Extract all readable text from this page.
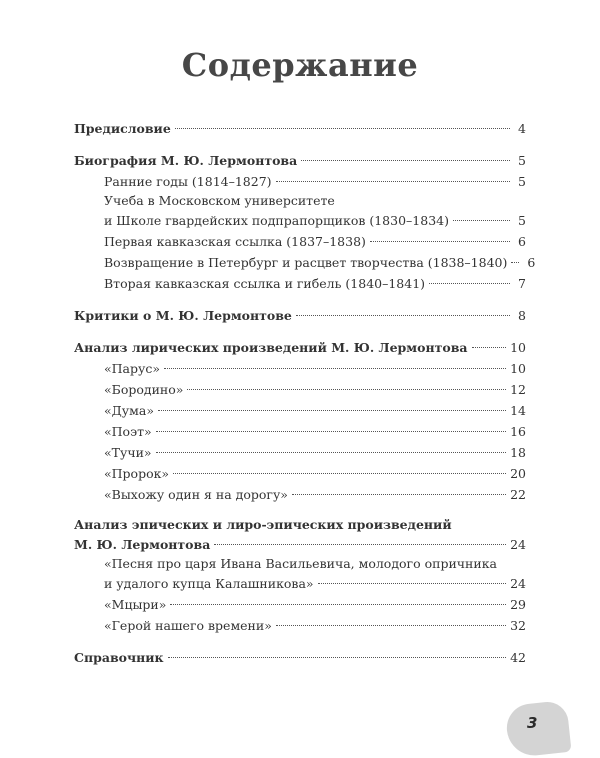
Содержание
Предисловие	4
Биография М. Ю. Лермонтова	5
Ранние годы (1814–1827)	5
Учеба в Московском университете
и Школе гвардейских подпрапорщиков (1830–1834)	5
Первая кавказская ссылка (1837–1838)	6
Возвращение в Петербург и расцвет творчества (1838–1840)	6
Вторая кавказская ссылка и гибель (1840–1841)	7
Критики о М. Ю. Лермонтове	8
Анализ лирических произведений М. Ю. Лермонтова	10
«Парус»	10
«Бородино»	12
«Дума»	14
«Поэт»	16
«Тучи»	18
«Пророк»	20
«Выхожу один я на дорогу»	22
Анализ эпических и лиро-эпических произведений
М. Ю. Лермонтова	24
«Песня про царя Ивана Васильевича, молодого опричника
и удалого купца Калашникова»	24
«Мцыри»	29
«Герой нашего времени»	32
Справочник	42
3
